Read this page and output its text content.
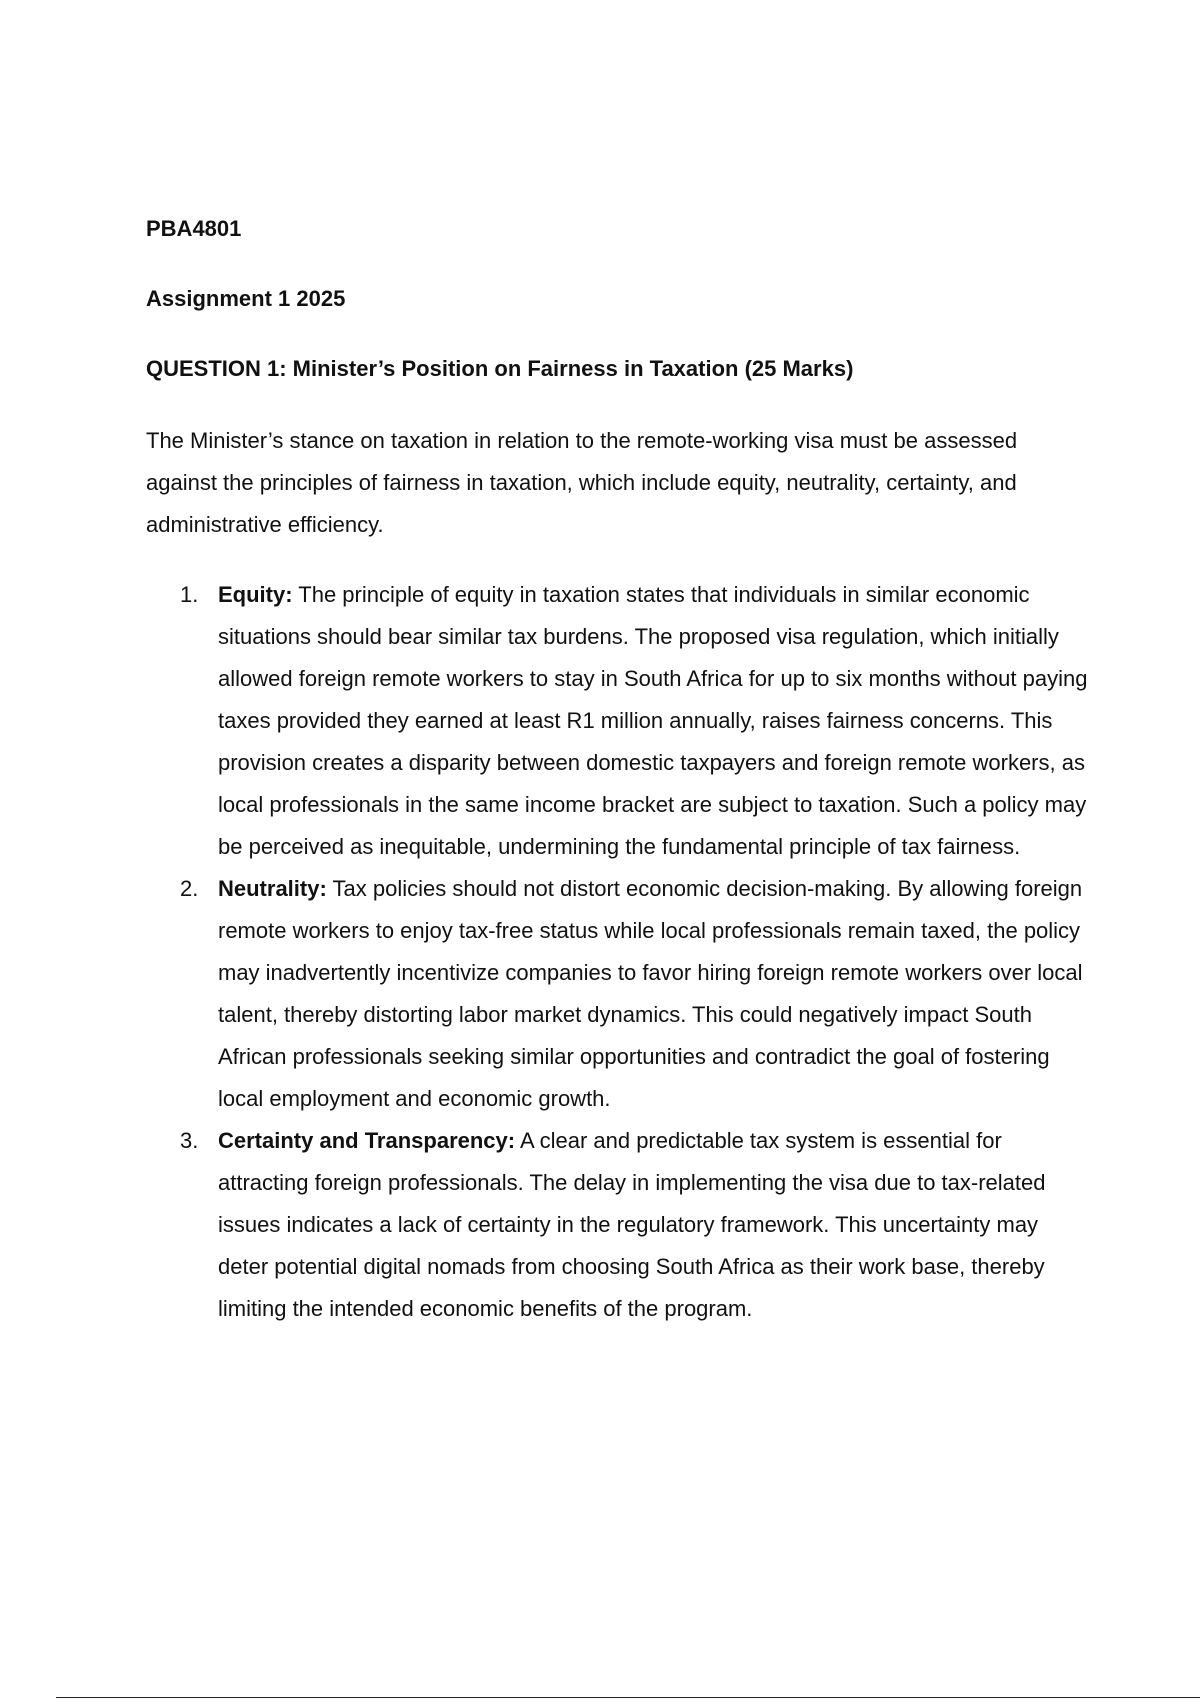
PBA4801

Assignment 1 2025

QUESTION 1: Minister’s Position on Fairness in Taxation (25 Marks)

The Minister’s stance on taxation in relation to the remote-working visa must be assessed against the principles of fairness in taxation, which include equity, neutrality, certainty, and administrative efficiency.

1. Equity: The principle of equity in taxation states that individuals in similar economic situations should bear similar tax burdens. The proposed visa regulation, which initially allowed foreign remote workers to stay in South Africa for up to six months without paying taxes provided they earned at least R1 million annually, raises fairness concerns. This provision creates a disparity between domestic taxpayers and foreign remote workers, as local professionals in the same income bracket are subject to taxation. Such a policy may be perceived as inequitable, undermining the fundamental principle of tax fairness.
2. Neutrality: Tax policies should not distort economic decision-making. By allowing foreign remote workers to enjoy tax-free status while local professionals remain taxed, the policy may inadvertently incentivize companies to favor hiring foreign remote workers over local talent, thereby distorting labor market dynamics. This could negatively impact South African professionals seeking similar opportunities and contradict the goal of fostering local employment and economic growth.
3. Certainty and Transparency: A clear and predictable tax system is essential for attracting foreign professionals. The delay in implementing the visa due to tax-related issues indicates a lack of certainty in the regulatory framework. This uncertainty may deter potential digital nomads from choosing South Africa as their work base, thereby limiting the intended economic benefits of the program.
